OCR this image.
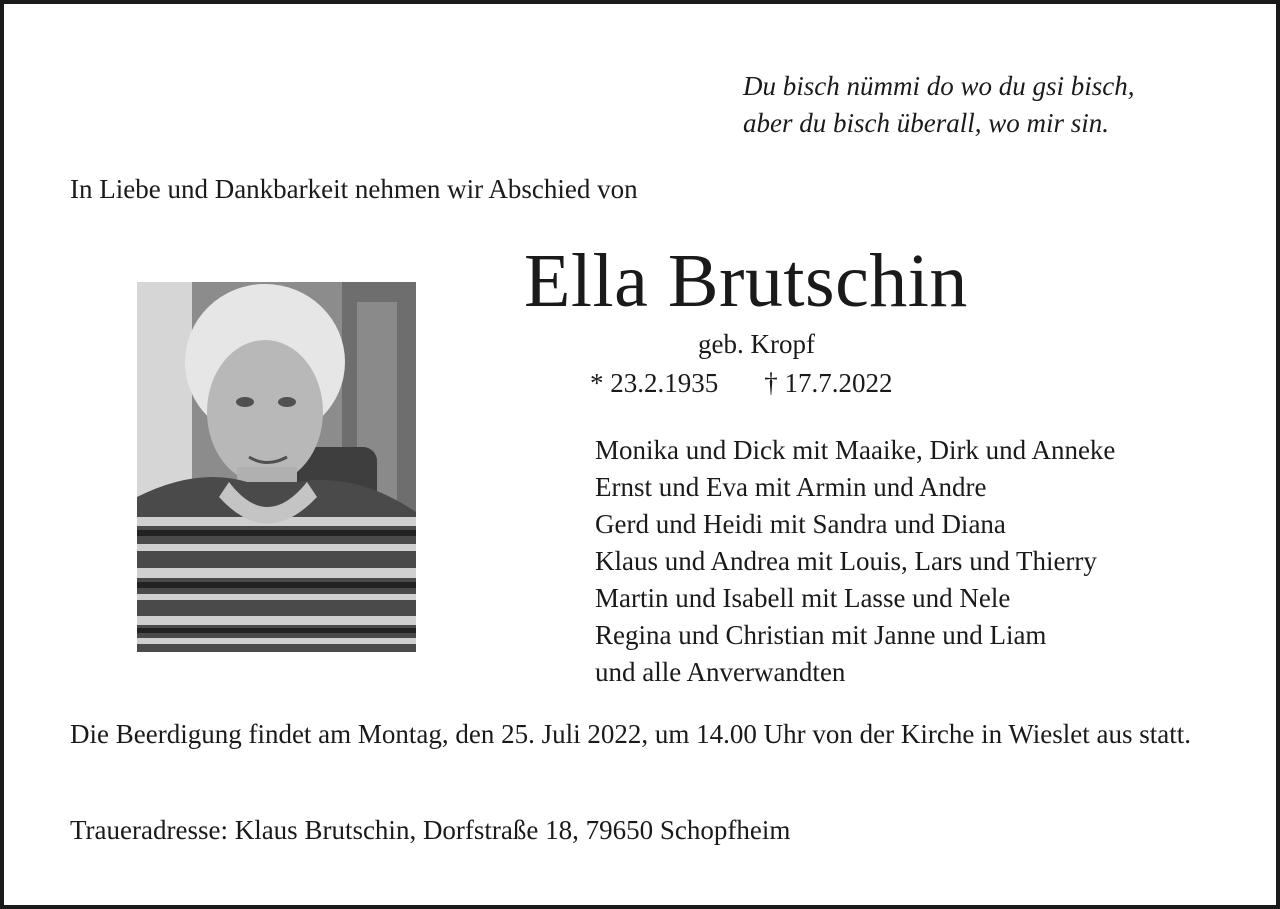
Du bisch nümmi do wo du gsi bisch,
aber du bisch überall, wo mir sin.
In Liebe und Dankbarkeit nehmen wir Abschied von
Ella Brutschin
geb. Kropf
* 23.2.1935 † 17.7.2022
Monika und Dick mit Maaike, Dirk und Anneke
Ernst und Eva mit Armin und Andre
Gerd und Heidi mit Sandra und Diana
Klaus und Andrea mit Louis, Lars und Thierry
Martin und Isabell mit Lasse und Nele
Regina und Christian mit Janne und Liam
und alle Anverwandten
Die Beerdigung findet am Montag, den 25. Juli 2022, um 14.00 Uhr von der Kirche in Wieslet aus statt.
Traueradresse: Klaus Brutschin, Dorfstraße 18, 79650 Schopfheim
